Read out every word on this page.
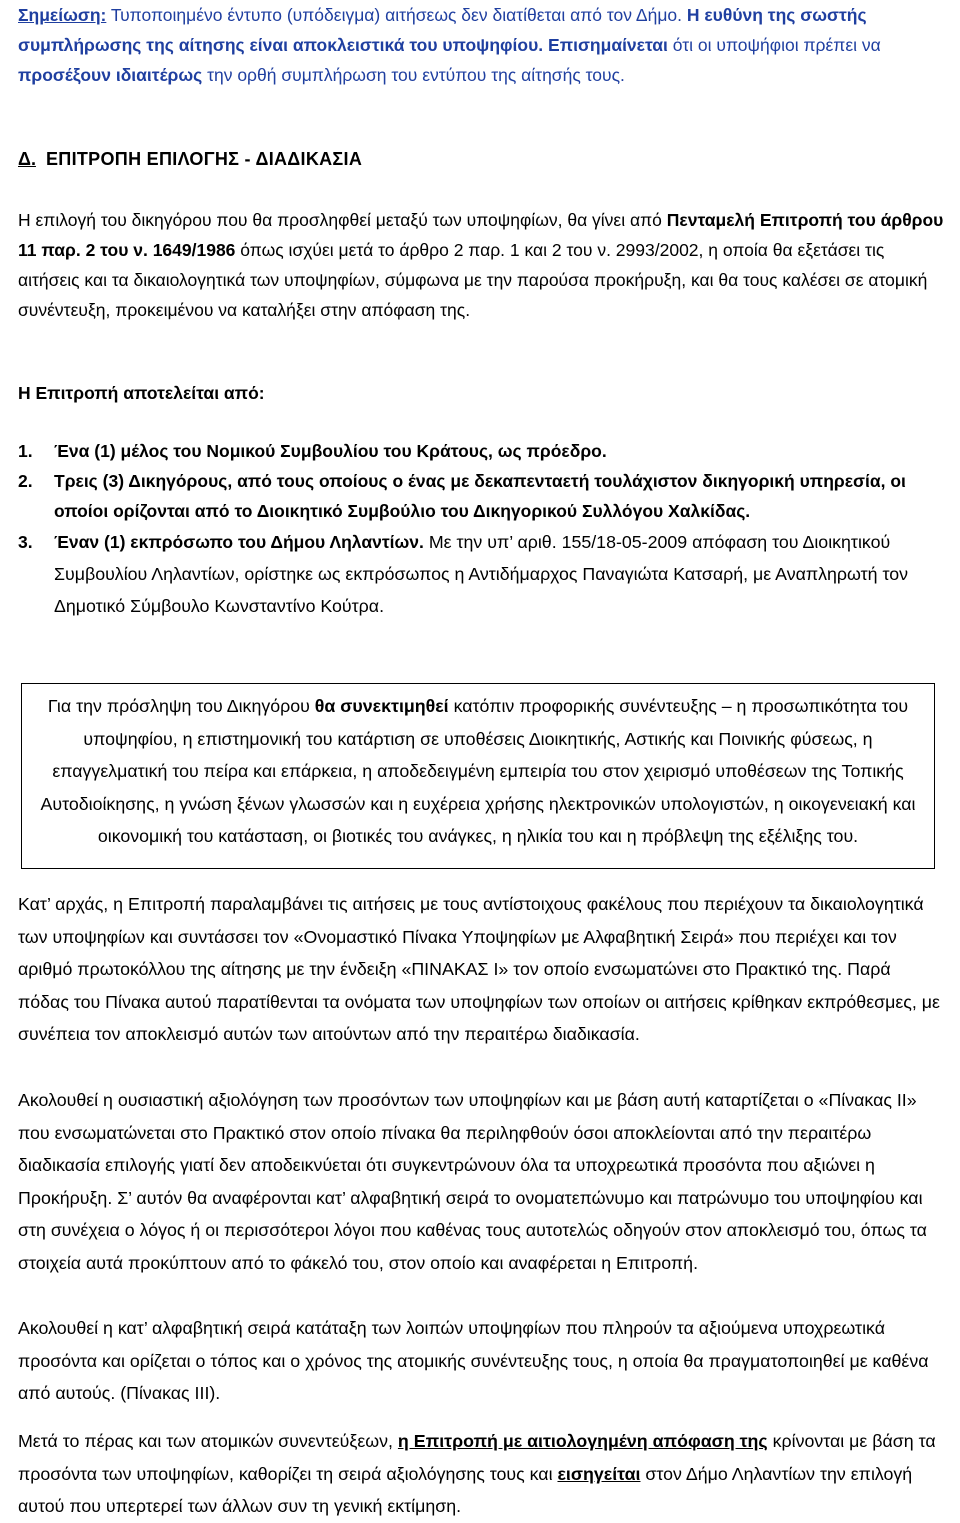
Σημείωση: Τυποποιημένο έντυπο (υπόδειγμα) αιτήσεως δεν διατίθεται από τον Δήμο. Η ευθύνη της σωστής συμπλήρωσης της αίτησης είναι αποκλειστικά του υποψηφίου. Επισημαίνεται ότι οι υποψήφιοι πρέπει να προσέξουν ιδιαιτέρως την ορθή συμπλήρωση του εντύπου της αίτησής τους.

Δ. ΕΠΙΤΡΟΠΗ ΕΠΙΛΟΓΗΣ - ΔΙΑΔΙΚΑΣΙΑ

Η επιλογή του δικηγόρου που θα προσληφθεί μεταξύ των υποψηφίων, θα γίνει από Πενταμελή Επιτροπή του άρθρου 11 παρ. 2 του ν. 1649/1986 όπως ισχύει μετά το άρθρο 2 παρ. 1 και 2 του ν. 2993/2002, η οποία θα εξετάσει τις αιτήσεις και τα δικαιολογητικά των υποψηφίων, σύμφωνα με την παρούσα προκήρυξη, και θα τους καλέσει σε ατομική συνέντευξη, προκειμένου να καταλήξει στην απόφαση της.

Η Επιτροπή αποτελείται από:

1.	Ένα (1) μέλος του Νομικού Συμβουλίου του Κράτους, ως πρόεδρο.
2.	Τρεις (3) Δικηγόρους, από τους οποίους ο ένας με δεκαπενταετή τουλάχιστον δικηγορική υπηρεσία, οι οποίοι ορίζονται από το Διοικητικό Συμβούλιο του Δικηγορικού Συλλόγου Χαλκίδας.
3.	Έναν (1) εκπρόσωπο του Δήμου Ληλαντίων. Με την υπ’ αριθ. 155/18-05-2009 απόφαση του Διοικητικού Συμβουλίου Ληλαντίων, ορίστηκε ως εκπρόσωπος η Αντιδήμαρχος Παναγιώτα Κατσαρή, με Αναπληρωτή τον Δημοτικό Σύμβουλο Κωνσταντίνο Κούτρα.
Για την πρόσληψη του Δικηγόρου θα συνεκτιμηθεί κατόπιν προφορικής συνέντευξης – η προσωπικότητα του υποψηφίου, η επιστημονική του κατάρτιση σε υποθέσεις Διοικητικής, Αστικής και Ποινικής φύσεως, η επαγγελματική του πείρα και επάρκεια, η αποδεδειγμένη εμπειρία του στον χειρισμό υποθέσεων της Τοπικής Αυτοδιοίκησης, η γνώση ξένων γλωσσών και η ευχέρεια χρήσης ηλεκτρονικών υπολογιστών, η οικογενειακή και οικονομική του κατάσταση, οι βιοτικές του ανάγκες, η ηλικία του και η πρόβλεψη της εξέλιξης του.

Κατ’ αρχάς, η Επιτροπή παραλαμβάνει τις αιτήσεις με τους αντίστοιχους φακέλους που περιέχουν τα δικαιολογητικά των υποψηφίων και συντάσσει τον «Ονομαστικό Πίνακα Υποψηφίων με Αλφαβητική Σειρά» που περιέχει και τον αριθμό πρωτοκόλλου της αίτησης με την ένδειξη «ΠΙΝΑΚΑΣ Ι» τον οποίο ενσωματώνει στο Πρακτικό της. Παρά πόδας του Πίνακα αυτού παρατίθενται τα ονόματα των υποψηφίων των οποίων οι αιτήσεις κρίθηκαν εκπρόθεσμες, με συνέπεια τον αποκλεισμό αυτών των αιτούντων από την περαιτέρω διαδικασία.

Ακολουθεί η ουσιαστική αξιολόγηση των προσόντων των υποψηφίων και με βάση αυτή καταρτίζεται ο «Πίνακας ΙΙ» που ενσωματώνεται στο Πρακτικό στον οποίο πίνακα θα περιληφθούν όσοι αποκλείονται από την περαιτέρω διαδικασία επιλογής γιατί δεν αποδεικνύεται ότι συγκεντρώνουν όλα τα υποχρεωτικά προσόντα που αξιώνει η Προκήρυξη. Σ’ αυτόν θα αναφέρονται κατ’ αλφαβητική σειρά το ονοματεπώνυμο και πατρώνυμο του υποψηφίου και στη συνέχεια ο λόγος ή οι περισσότεροι λόγοι που καθένας τους αυτοτελώς οδηγούν στον αποκλεισμό του, όπως τα στοιχεία αυτά προκύπτουν από το φάκελό του, στον οποίο και αναφέρεται η Επιτροπή.

Ακολουθεί η κατ’ αλφαβητική σειρά κατάταξη των λοιπών υποψηφίων που πληρούν τα αξιούμενα υποχρεωτικά προσόντα και ορίζεται ο τόπος και ο χρόνος της ατομικής συνέντευξης τους, η οποία θα πραγματοποιηθεί με καθένα από αυτούς. (Πίνακας ΙΙΙ).

Μετά το πέρας και των ατομικών συνεντεύξεων, η Επιτροπή με αιτιολογημένη απόφαση της κρίνονται με βάση τα προσόντα των υποψηφίων, καθορίζει τη σειρά αξιολόγησης τους και εισηγείται στον Δήμο Ληλαντίων την επιλογή αυτού που υπερτερεί των άλλων συν τη γενική εκτίμηση.
